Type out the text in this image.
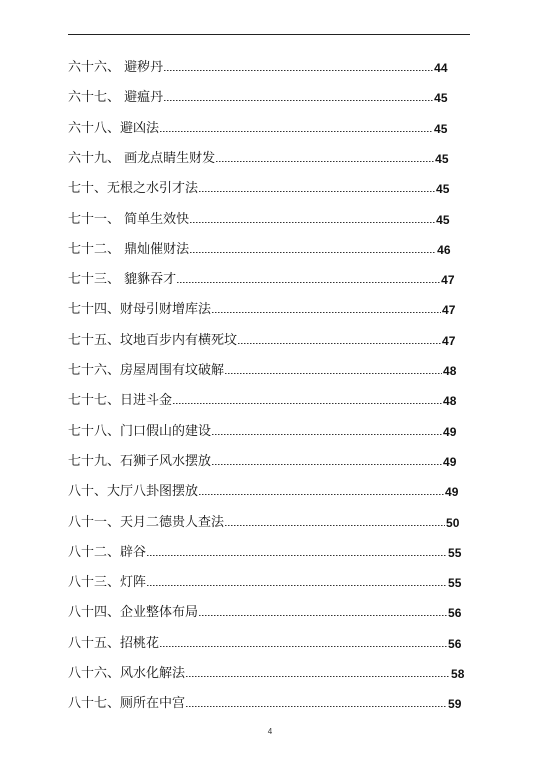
六十六、 避秽丹	44
六十七、 避瘟丹	45
六十八、避凶法	45
六十九、 画龙点睛生财发	45
七十、无根之水引才法	45
七十一、 简单生效快	45
七十二、 鼎灿催财法	46
七十三、 貔貅吞才	47
七十四、财母引财增库法	47
七十五、坟地百步内有横死坟	47
七十六、房屋周围有坟破解	48
七十七、日进斗金	48
七十八、门口假山的建设	49
七十九、石狮子风水摆放	49
八十、大厅八卦图摆放	49
八十一、天月二德贵人查法	50
八十二、辟谷	55
八十三、灯阵	55
八十四、企业整体布局	56
八十五、招桃花	56
八十六、风水化解法	58
八十七、厕所在中宫	59
4
